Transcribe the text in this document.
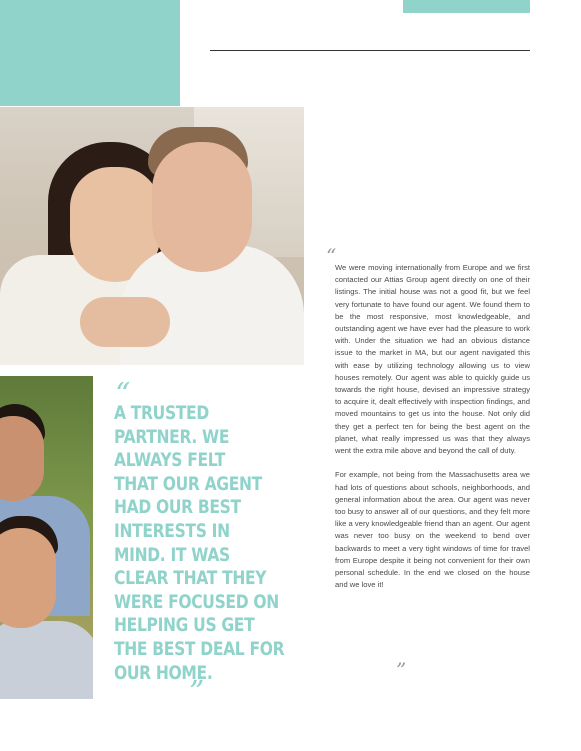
“
A TRUSTED
PARTNER. WE
ALWAYS FELT
THAT OUR AGENT
HAD OUR BEST
INTERESTS IN
MIND. IT WAS
CLEAR THAT THEY
WERE FOCUSED ON
HELPING US GET
THE BEST DEAL FOR
OUR HOME.
”
“

We were moving internationally from Europe and we first contacted our Attias Group agent directly on one of their listings. The initial house was not a good fit, but we feel very fortunate to have found our agent. We found them to be the most responsive, most knowledgeable, and outstanding agent we have ever had the pleasure to work with. Under the situation we had an obvious distance issue to the market in MA, but our agent navigated this with ease by utilizing technology allowing us to view houses remotely. Our agent was able to quickly guide us towards the right house, devised an impressive strategy to acquire it, dealt effectively with inspection findings, and moved mountains to get us into the house. Not only did they get a perfect ten for being the best agent on the planet, what really impressed us was that they always went the extra mile above and beyond the call of duty.

For example, not being from the Massachusetts area we had lots of questions about schools, neighborhoods, and general information about the area. Our agent was never too busy to answer all of our questions, and they felt more like a very knowledgeable friend than an agent. Our agent was never too busy on the weekend to bend over backwards to meet a very tight windows of time for travel from Europe despite it being not convenient for their own personal schedule. In the end we closed on the house and we love it!

”
